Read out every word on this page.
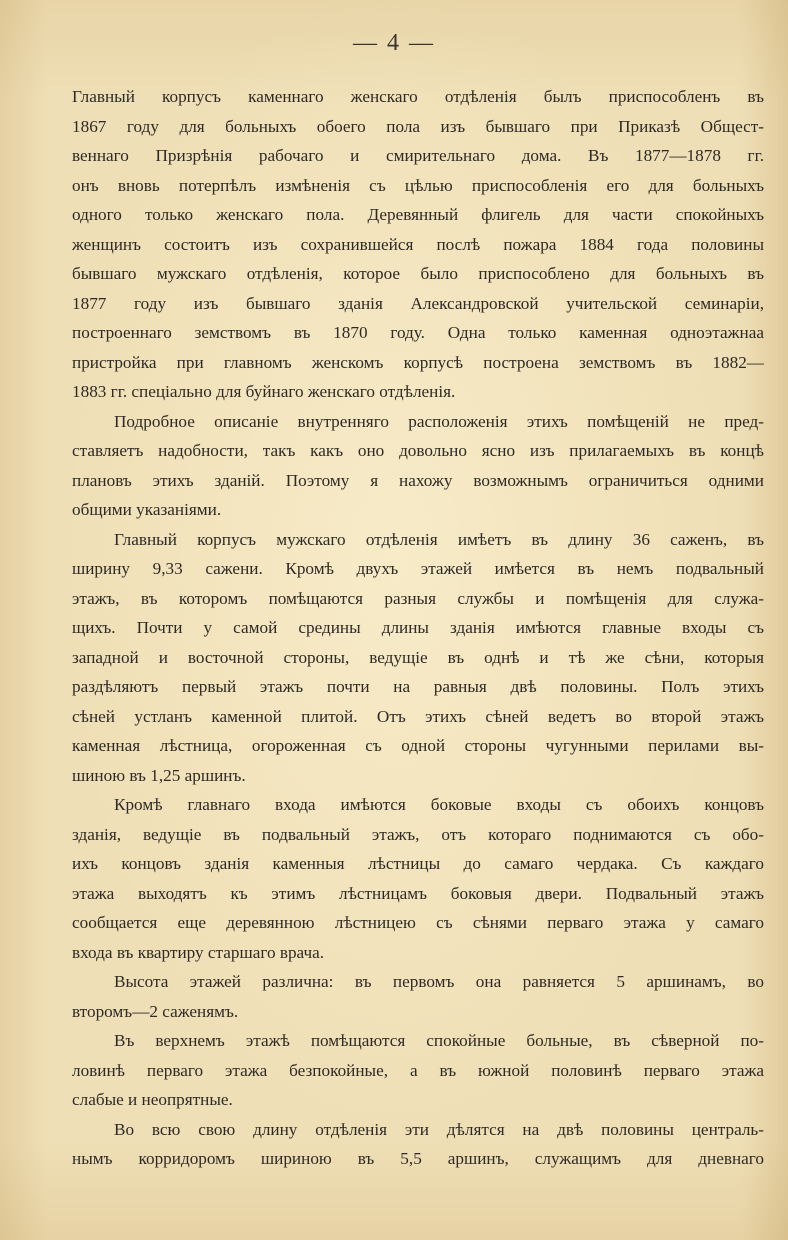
— 4 —
Главный корпусъ каменнаго женскаго отдѣленія былъ приспособленъ въ
1867 году для больныхъ обоего пола изъ бывшаго при Приказѣ Общест-
веннаго Призрѣнія рабочаго и смирительнаго дома. Въ 1877—1878 гг.
онъ вновь потерпѣлъ измѣненія съ цѣлью приспособленія его для больныхъ
одного только женскаго пола. Деревянный флигель для части спокойныхъ
женщинъ состоитъ изъ сохранившейся послѣ пожара 1884 года половины
бывшаго мужскаго отдѣленія, которое было приспособлено для больныхъ въ
1877 году изъ бывшаго зданія Александровской учительской семинаріи,
построеннаго земствомъ въ 1870 году. Одна только каменная одноэтажнаа
пристройка при главномъ женскомъ корпусѣ построена земствомъ въ 1882—
1883 гг. спеціально для буйнаго женскаго отдѣленія.
Подробное описаніе внутренняго расположенія этихъ помѣщеній не пред-
ставляетъ надобности, такъ какъ оно довольно ясно изъ прилагаемыхъ въ концѣ
плановъ этихъ зданій. Поэтому я нахожу возможнымъ ограничиться одними
общими указаніями.
Главный корпусъ мужскаго отдѣленія имѣетъ въ длину 36 саженъ, въ
ширину 9,33 сажени. Кромѣ двухъ этажей имѣется въ немъ подвальный
этажъ, въ которомъ помѣщаются разныя службы и помѣщенія для служа-
щихъ. Почти у самой средины длины зданія имѣются главные входы съ
западной и восточной стороны, ведущіе въ однѣ и тѣ же сѣни, которыя
раздѣляютъ первый этажъ почти на равныя двѣ половины. Полъ этихъ
сѣней устланъ каменной плитой. Отъ этихъ сѣней ведетъ во второй этажъ
каменная лѣстница, огороженная съ одной стороны чугунными перилами вы-
шиною въ 1,25 аршинъ.
Кромѣ главнаго входа имѣются боковые входы съ обоихъ концовъ
зданія, ведущіе въ подвальный этажъ, отъ котораго поднимаются съ обо-
ихъ концовъ зданія каменныя лѣстницы до самаго чердака. Съ каждаго
этажа выходятъ къ этимъ лѣстницамъ боковыя двери. Подвальный этажъ
сообщается еще деревянною лѣстницею съ сѣнями перваго этажа у самаго
входа въ квартиру старшаго врача.
Высота этажей различна: въ первомъ она равняется 5 аршинамъ, во
второмъ—2 саженямъ.
Въ верхнемъ этажѣ помѣщаются спокойные больные, въ сѣверной по-
ловинѣ перваго этажа безпокойные, а въ южной половинѣ перваго этажа
слабые и неопрятные.
Во всю свою длину отдѣленія эти дѣлятся на двѣ половины централь-
нымъ корридоромъ шириною въ 5,5 аршинъ, служащимъ для дневнаго
